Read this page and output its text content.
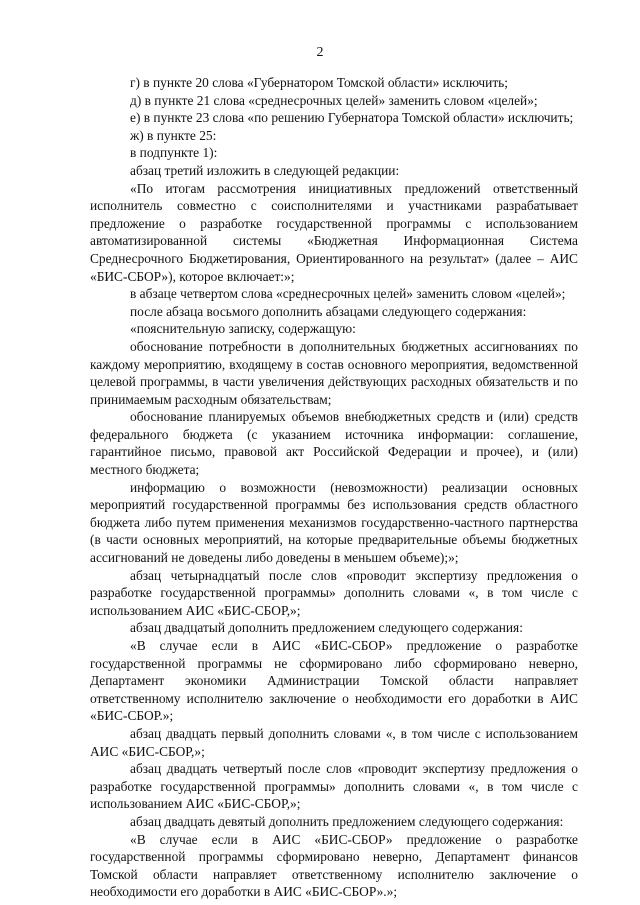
2

г) в пункте 20 слова «Губернатором Томской области» исключить;

д) в пункте 21 слова «среднесрочных целей» заменить словом «целей»;

е) в пункте 23 слова «по решению Губернатора Томской области» исключить;

ж) в пункте 25:

в подпункте 1):

абзац третий изложить в следующей редакции:

«По итогам рассмотрения инициативных предложений ответственный исполнитель совместно с соисполнителями и участниками разрабатывает предложение о разработке государственной программы с использованием автоматизированной системы «Бюджетная Информационная Система Среднесрочного Бюджетирования, Ориентированного на результат» (далее – АИС «БИС-СБОР»), которое включает:»;

в абзаце четвертом слова «среднесрочных целей» заменить словом «целей»;

после абзаца восьмого дополнить абзацами следующего содержания:

«пояснительную записку, содержащую:

обоснование потребности в дополнительных бюджетных ассигнованиях по каждому мероприятию, входящему в состав основного мероприятия, ведомственной целевой программы, в части увеличения действующих расходных обязательств и по принимаемым расходным обязательствам;

обоснование планируемых объемов внебюджетных средств и (или) средств федерального бюджета (с указанием источника информации: соглашение, гарантийное письмо, правовой акт Российской Федерации и прочее), и (или) местного бюджета;

информацию о возможности (невозможности) реализации основных мероприятий государственной программы без использования средств областного бюджета либо путем применения механизмов государственно-частного партнерства (в части основных мероприятий, на которые предварительные объемы бюджетных ассигнований не доведены либо доведены в меньшем объеме);»;

абзац четырнадцатый после слов «проводит экспертизу предложения о разработке государственной программы» дополнить словами «, в том числе с использованием АИС «БИС-СБОР,»;

абзац двадцатый дополнить предложением следующего содержания:

«В случае если в АИС «БИС-СБОР» предложение о разработке государственной программы не сформировано либо сформировано неверно, Департамент экономики Администрации Томской области направляет ответственному исполнителю заключение о необходимости его доработки в АИС «БИС-СБОР.»;

абзац двадцать первый дополнить словами «, в том числе с использованием АИС «БИС-СБОР,»;

абзац двадцать четвертый после слов «проводит экспертизу предложения о разработке государственной программы» дополнить словами «, в том числе с использованием АИС «БИС-СБОР,»;

абзац двадцать девятый дополнить предложением следующего содержания:

«В случае если в АИС «БИС-СБОР» предложение о разработке государственной программы сформировано неверно, Департамент финансов Томской области направляет ответственному исполнителю заключение о необходимости его доработки в АИС «БИС-СБОР».»;
